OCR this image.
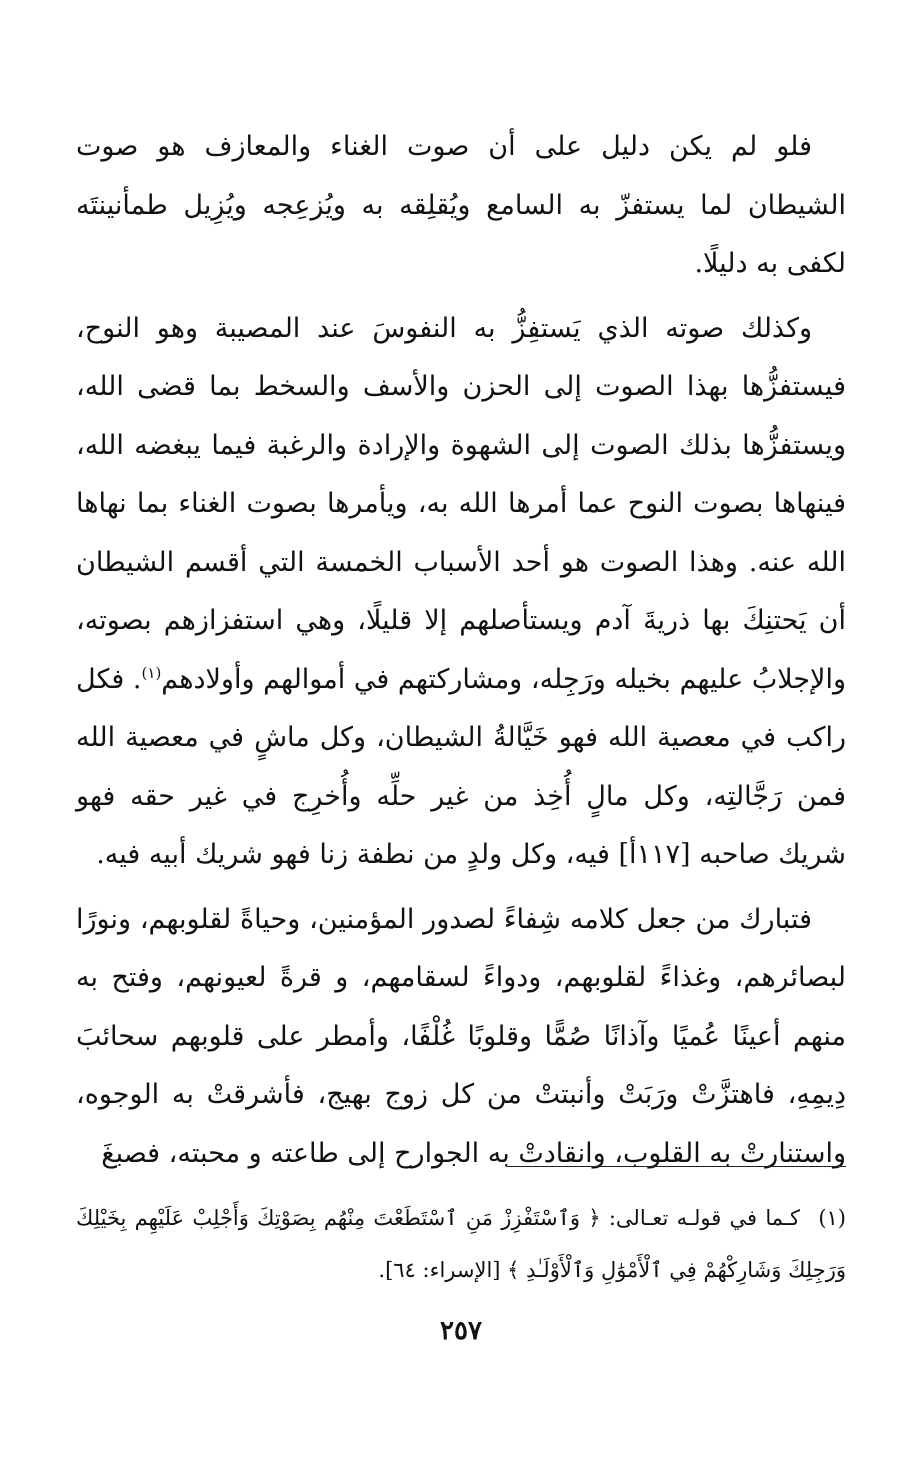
فلو لم يكن دليل على أن صوت الغناء والمعازف هو صوت الشيطان لما يستفزّ به السامع ويُقلِقه به ويُزعِجه ويُزِيل طمأنينتَه لكفى به دليلًا.

وكذلك صوته الذي يَستفِزُّ به النفوسَ عند المصيبة وهو النوح، فيستفزُّها بهذا الصوت إلى الحزن والأسف والسخط بما قضى الله، ويستفزُّها بذلك الصوت إلى الشهوة والإرادة والرغبة فيما يبغضه الله، فينهاها بصوت النوح عما أمرها الله به، ويأمرها بصوت الغناء بما نهاها الله عنه. وهذا الصوت هو أحد الأسباب الخمسة التي أقسم الشيطان أن يَحتنِكَ بها ذريةَ آدم ويستأصلهم إلا قليلًا، وهي استفزازهم بصوته، والإجلابُ عليهم بخيله ورَجِله، ومشاركتهم في أموالهم وأولادهم$^{(١)}$. فكل راكب في معصية الله فهو خَيَّالةُ الشيطان، وكل ماشٍ في معصية الله فمن رَجَّالتِه، وكل مالٍ أُخِذ من غير حلِّه وأُخرِج في غير حقه فهو شريك صاحبه [١١٧أ] فيه، وكل ولدٍ من نطفة زنا فهو شريك أبيه فيه.

فتبارك من جعل كلامه شِفاءً لصدور المؤمنين، وحياةً لقلوبهم، ونورًا لبصائرهم، وغذاءً لقلوبهم، ودواءً لسقامهم، و قرةً لعيونهم، وفتح به منهم أعينًا عُميًا وآذانًا صُمًّا وقلوبًا غُلْفًا، وأمطر على قلوبهم سحائبَ دِيمِهِ، فاهتزَّتْ ورَبَتْ وأنبتتْ من كل زوج بهيج، فأشرقتْ به الوجوه، واستنارتْ به القلوب، وانقادتْ به الجوارح إلى طاعته و محبته، فصبغَ

(١) كـما في قولـه تعـالى: ﴿ وَٱسْتَفْزِزْ مَنِ ٱسْتَطَعْتَ مِنْهُم بِصَوْتِكَ وَأَجْلِبْ عَلَيْهِم بِخَيْلِكَ وَرَجِلِكَ وَشَارِكْهُمْ فِي ٱلْأَمْوَٰلِ وَٱلْأَوْلَـٰدِ ﴾ [الإسراء: ٦٤].
٢٥٧
